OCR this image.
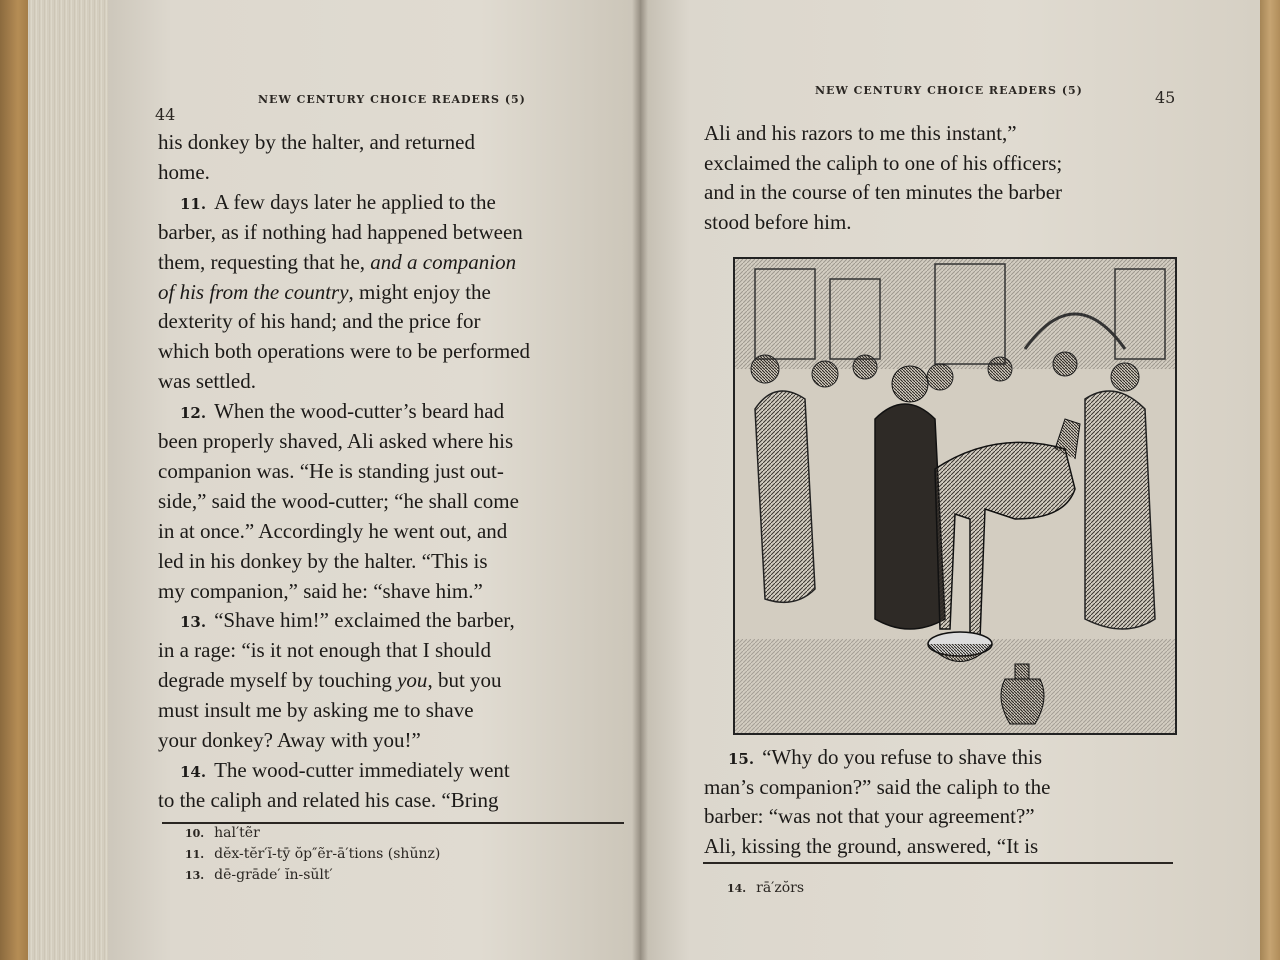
44
NEW CENTURY CHOICE READERS (5)
his donkey by the halter, and returned
home.
11. A few days later he applied to the
barber, as if nothing had happened between
them, requesting that he, and a companion
of his from the country, might enjoy the
dexterity of his hand; and the price for
which both operations were to be performed
was settled.
12. When the wood-cutter’s beard had
been properly shaved, Ali asked where his
companion was. “He is standing just out-
side,” said the wood-cutter; “he shall come
in at once.” Accordingly he went out, and
led in his donkey by the halter. “This is
my companion,” said he: “shave him.”
13. “Shave him!” exclaimed the barber,
in a rage: “is it not enough that I should
degrade myself by touching you, but you
must insult me by asking me to shave
your donkey? Away with you!”
14. The wood-cutter immediately went
to the caliph and related his case. “Bring
10. hal′tẽr
11. dĕx-tĕr′ĭ-tȳ ŏp″ẽr-ā′tions (shŭnz)
13. dē-grāde′ ĭn-sŭlt′
NEW CENTURY CHOICE READERS (5)	45
Ali and his razors to me this instant,”
exclaimed the caliph to one of his officers;
and in the course of ten minutes the barber
stood before him.
15. “Why do you refuse to shave this
man’s companion?” said the caliph to the
barber: “was not that your agreement?”
Ali, kissing the ground, answered, “It is
14. rā′zŏrs
